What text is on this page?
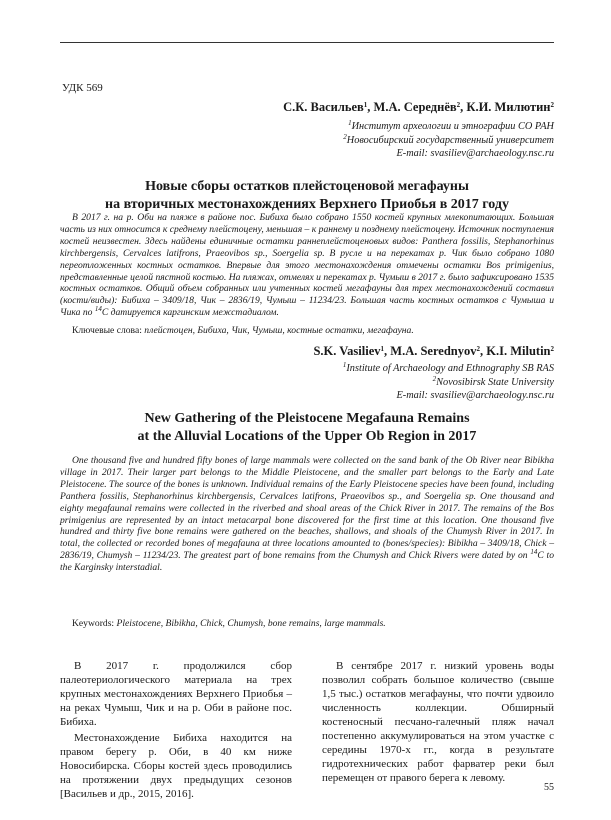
УДК 569
С.К. Васильев$^1$, М.А. Середнёв$^2$, К.И. Милютин$^2$
$^1$Институт археологии и этнографии СО РАН
$^2$Новосибирский государственный университет
E-mail: svasiliev@archaeology.nsc.ru
Новые сборы остатков плейстоценовой мегафауны
на вторичных местонахождениях Верхнего Приобья в 2017 году

В 2017 г. на р. Оби на пляже в районе пос. Бибиха было собрано 1550 костей крупных млекопитающих. Большая часть из них относится к среднему плейстоцену, меньшая – к раннему и позднему плейстоцену. Источник поступления костей неизвестен. Здесь найдены единичные остатки раннеплейстоценовых видов: Panthera fossilis, Stephanorhinus kirchbergensis, Cervalces latifrons, Praeovibos sp., Soergelia sp. В русле и на перекатах р. Чик было собрано 1080 переотложенных костных остатков. Впервые для этого местонахождения отмечены остатки Bos primigenius, представленные целой пястной костью. На пляжах, отмелях и перекатах р. Чумыш в 2017 г. было зафиксировано 1535 костных остатков. Общий объем собранных или учтенных костей мегафауны для трех местонахождений составил (кости/виды): Бибиха – 3409/18, Чик – 2836/19, Чумыш – 11234/23. Большая часть костных остатков с Чумыша и Чика по $^{14}$С датируется каргинским межстадиалом.

Ключевые слова: плейстоцен, Бибиха, Чик, Чумыш, костные остатки, мегафауна.
S.K. Vasiliev$^1$, M.A. Serednyov$^2$, K.I. Milutin$^2$
$^1$Institute of Archaeology and Ethnography SB RAS
$^2$Novosibirsk State University
E-mail: svasiliev@archaeology.nsc.ru
New Gathering of the Pleistocene Megafauna Remains
at the Alluvial Locations of the Upper Ob Region in 2017

One thousand five and hundred fifty bones of large mammals were collected on the sand bank of the Ob River near Bibikha village in 2017. Their larger part belongs to the Middle Pleistocene, and the smaller part belongs to the Early and Late Pleistocene. The source of the bones is unknown. Individual remains of the Early Pleistocene species have been found, including Panthera fossilis, Stephanorhinus kirchbergensis, Cervalces latifrons, Praeovibos sp., and Soergelia sp. One thousand and eighty megafaunal remains were collected in the riverbed and shoal areas of the Chick River in 2017. The remains of the Bos primigenius are represented by an intact metacarpal bone discovered for the first time at this location. One thousand five hundred and thirty five bone remains were gathered on the beaches, shallows, and shoals of the Chumysh River in 2017. In total, the collected or recorded bones of megafauna at three locations amounted to (bones/species): Bibikha – 3409/18, Chick – 2836/19, Chumysh – 11234/23. The greatest part of bone remains from the Chumysh and Chick Rivers were dated by on $^{14}$C to the Karginsky interstadial.

Keywords: Pleistocene, Bibikha, Chick, Chumysh, bone remains, large mammals.

В 2017 г. продолжился сбор палеотериологического материала на трех крупных местонахождениях Верхнего Приобья – на реках Чумыш, Чик и на р. Оби в районе пос. Бибиха.

Местонахождение Бибиха находится на правом берегу р. Оби, в 40 км ниже Новосибирска. Сборы костей здесь проводились на протяжении двух предыдущих сезонов [Васильев и др., 2015, 2016].

В сентябре 2017 г. низкий уровень воды позволил собрать большое количество (свыше 1,5 тыс.) остатков мегафауны, что почти удвоило численность коллекции. Обширный костеносный песчано-галечный пляж начал постепенно аккумулироваться на этом участке с середины 1970-х гг., когда в результате гидротехнических работ фарватер реки был перемещен от правого берега к левому.

55
